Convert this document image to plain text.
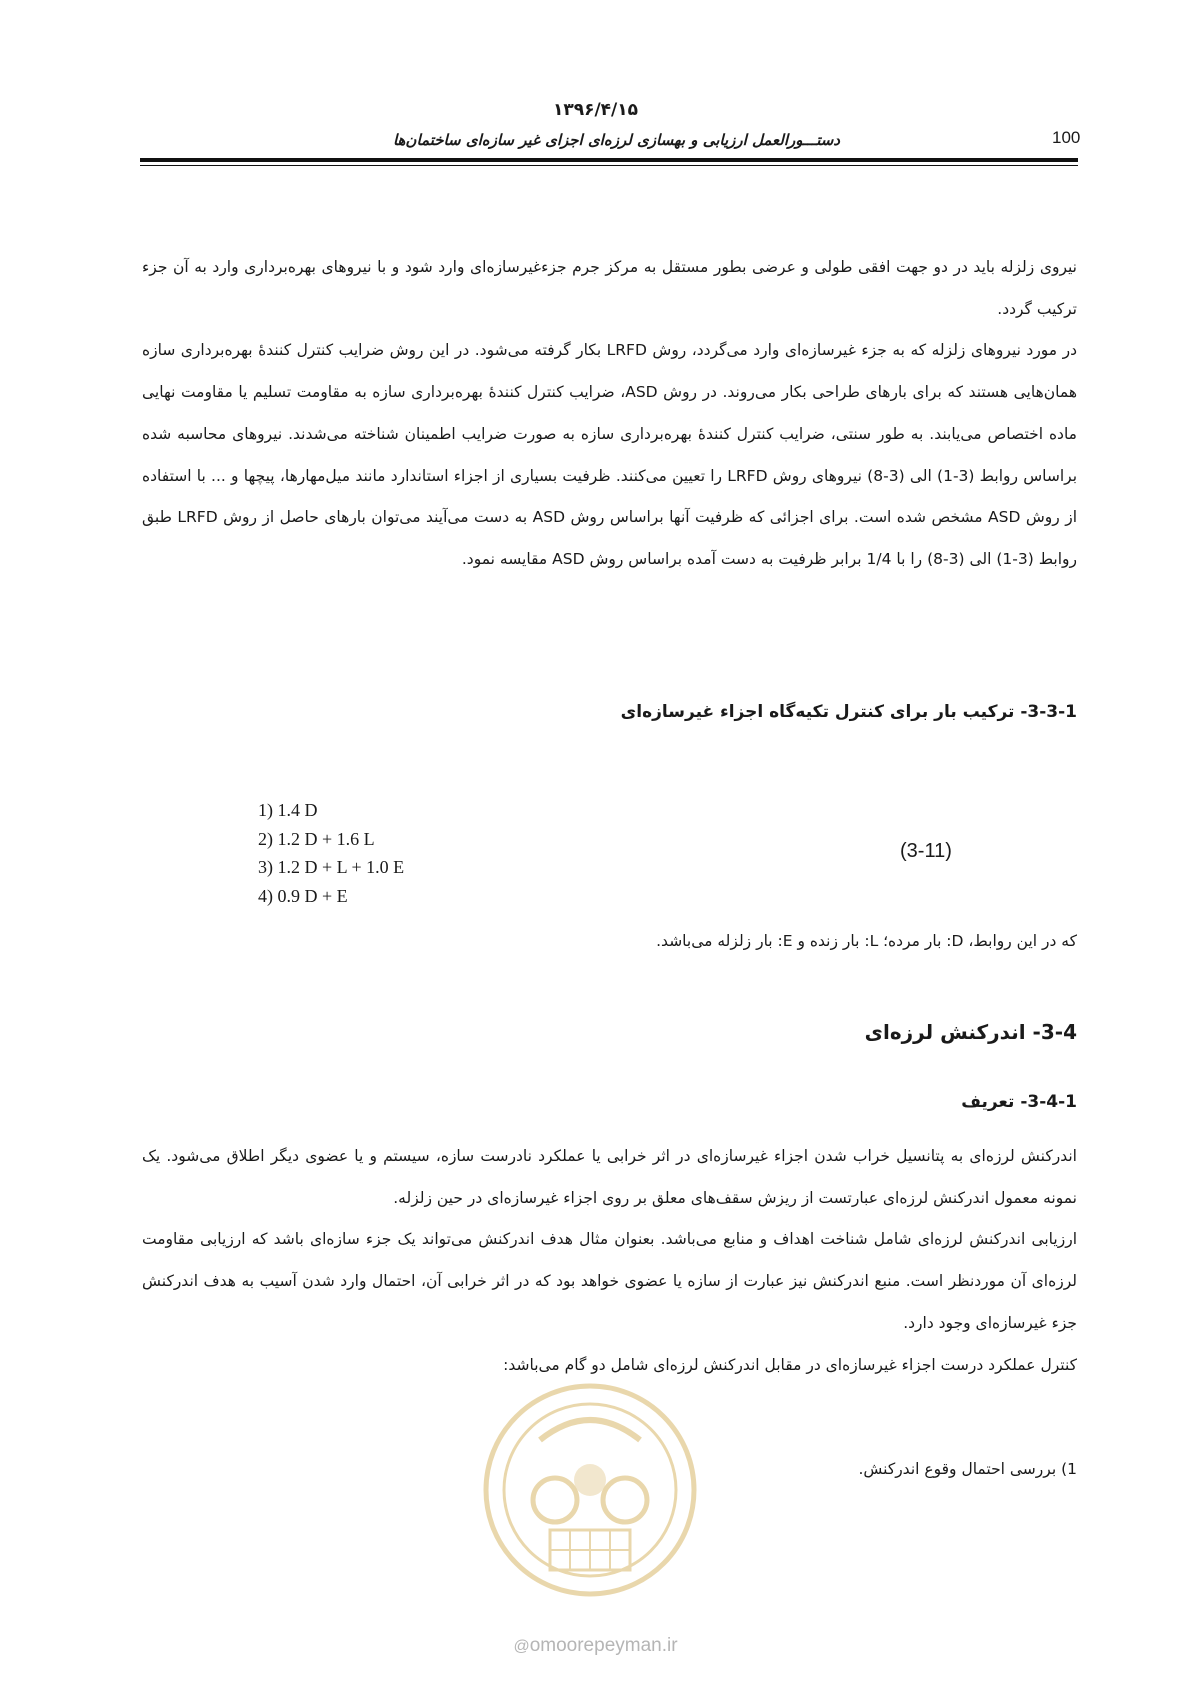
۱۳۹۶/۴/۱۵
100
دستـــورالعمل ارزیابی و بهسازی لرزه‌ای اجزای غیر سازه‌ای ساختمان‌ها

نیروی زلزله باید در دو جهت افقی طولی و عرضی بطور مستقل به مرکز جرم جزءغیرسازه‌ای وارد شود و با نیروهای بهره‌برداری وارد به آن جزء ترکیب گردد.

در مورد نیروهای زلزله که به جزء غیرسازه‌ای وارد می‌گردد، روش LRFD بکار گرفته می‌شود. در این روش ضرایب کنترل کنندۀ بهره‌برداری سازه همان‌هایی هستند که برای بارهای طراحی بکار می‌روند. در روش ASD، ضرایب کنترل کنندۀ بهره‌برداری سازه به مقاومت تسلیم یا مقاومت نهایی ماده اختصاص می‌یابند. به طور سنتی، ضرایب کنترل کنندۀ بهره‌برداری سازه به صورت ضرایب اطمینان شناخته می‌شدند. نیروهای محاسبه شده براساس روابط (3-1) الی (3-8) نیروهای روش LRFD را تعیین می‌کنند. ظرفیت بسیاری از اجزاء استاندارد مانند میل‌مهارها، پیچها و ... با استفاده از روش ASD مشخص شده است. برای اجزائی که ظرفیت آنها براساس روش ASD به دست می‌آیند می‌توان بارهای حاصل از روش LRFD طبق روابط (3-1) الی (3-8) را با 1/4 برابر ظرفیت به دست آمده براساس روش ASD مقایسه نمود.

3-3-1- ترکیب بار برای کنترل تکیه‌گاه اجزاء غیرسازه‌ای
1) 1.4 D
2) 1.2 D + 1.6 L
3) 1.2 D + L + 1.0 E
4) 0.9 D + E
(3-11)
که در این روابط، D: بار مرده؛ L: بار زنده و E: بار زلزله می‌باشد.
3-4- اندرکنش لرزه‌ای
3-4-1- تعریف

اندرکنش لرزه‌ای به پتانسیل خراب شدن اجزاء غیرسازه‌ای در اثر خرابی یا عملکرد نادرست سازه، سیستم و یا عضوی دیگر اطلاق می‌شود. یک نمونه معمول اندرکنش لرزه‌ای عبارتست از ریزش سقف‌های معلق بر روی اجزاء غیرسازه‌ای در حین زلزله.

ارزیابی اندرکنش لرزه‌ای شامل شناخت اهداف و منابع می‌باشد. بعنوان مثال هدف اندرکنش می‌تواند یک جزء سازه‌ای باشد که ارزیابی مقاومت لرزه‌ای آن موردنظر است. منبع اندرکنش نیز عبارت از سازه یا عضوی خواهد بود که در اثر خرابی آن، احتمال وارد شدن آسیب به هدف اندرکنش جزء غیرسازه‌ای وجود دارد.

کنترل عملکرد درست اجزاء غیرسازه‌ای در مقابل اندرکنش لرزه‌ای شامل دو گام می‌باشد:

1) بررسی احتمال وقوع اندرکنش.
@omoorepeyman.ir
